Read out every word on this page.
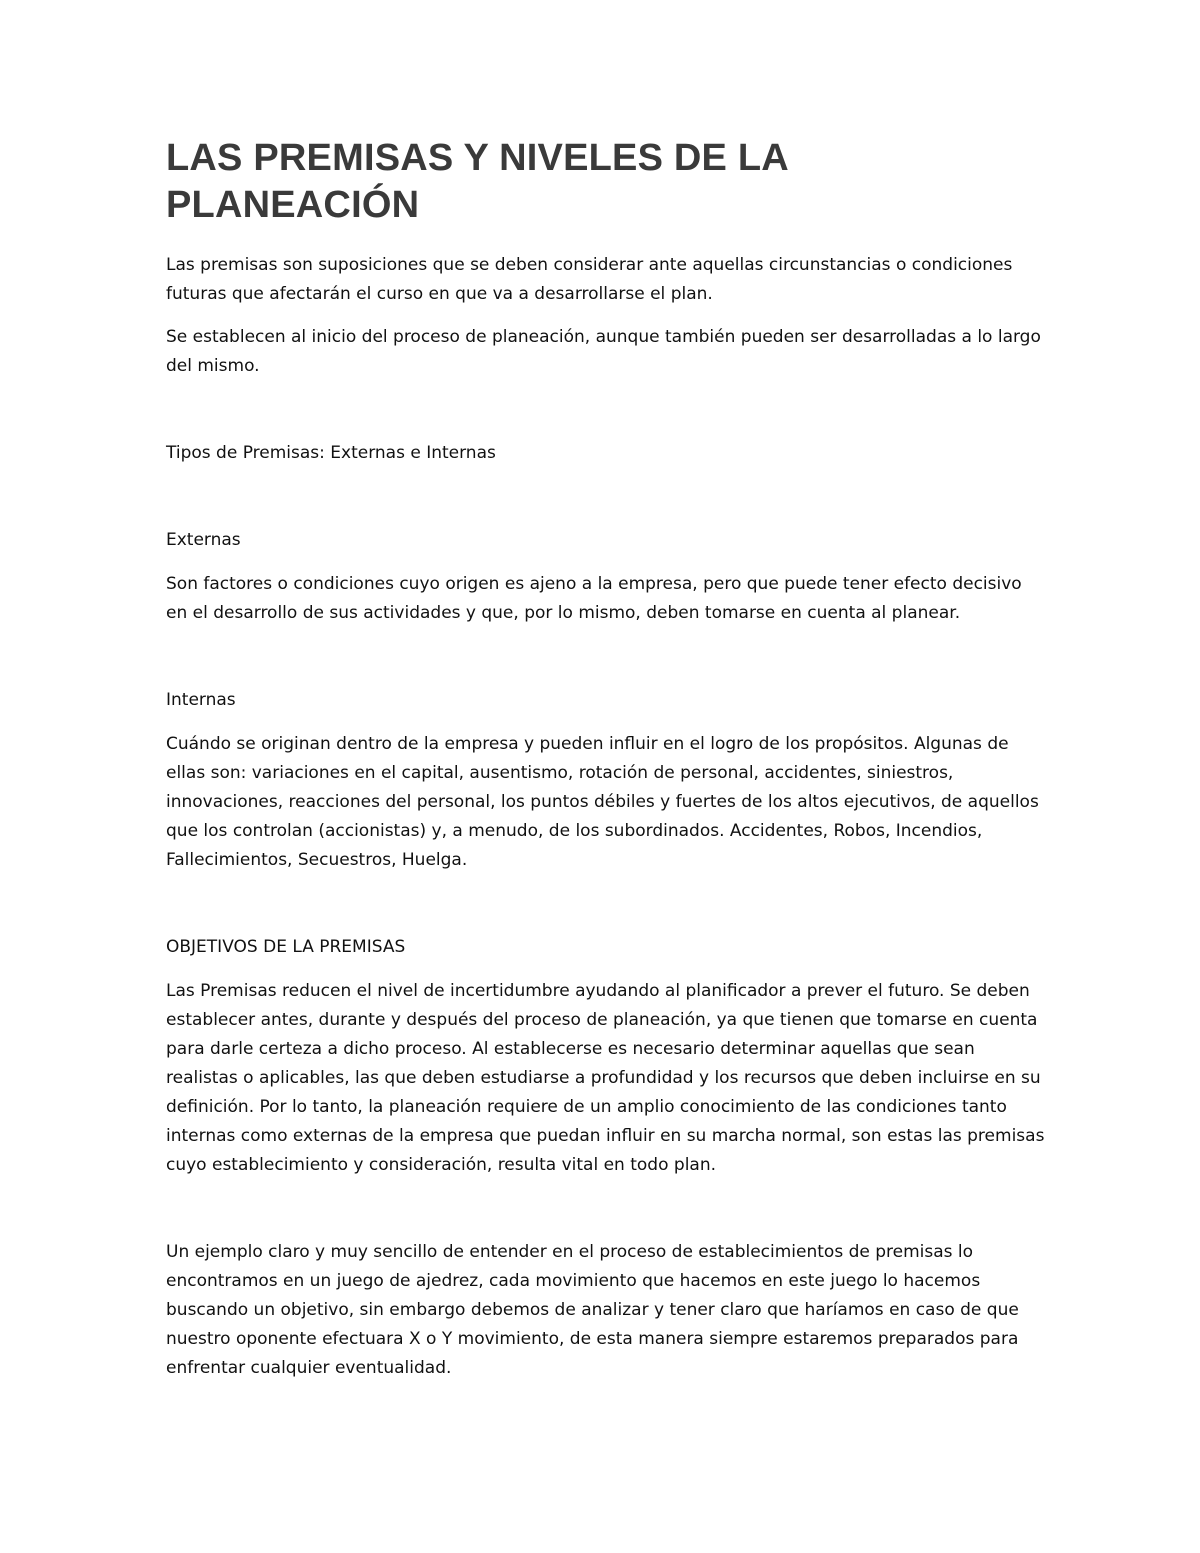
LAS PREMISAS Y NIVELES DE LA PLANEACIÓN

Las premisas son suposiciones que se deben considerar ante aquellas circunstancias o condiciones futuras que afectarán el curso en que va a desarrollarse el plan.

Se establecen al inicio del proceso de planeación, aunque también pueden ser desarrolladas a lo largo del mismo.

Tipos de Premisas: Externas e Internas

Externas

Son factores o condiciones cuyo origen es ajeno a la empresa, pero que puede tener efecto decisivo en el desarrollo de sus actividades y que, por lo mismo, deben tomarse en cuenta al planear.

Internas

Cuándo se originan dentro de la empresa y pueden influir en el logro de los propósitos. Algunas de ellas son: variaciones en el capital, ausentismo, rotación de personal, accidentes, siniestros, innovaciones, reacciones del personal, los puntos débiles y fuertes de los altos ejecutivos, de aquellos que los controlan (accionistas) y, a menudo, de los subordinados. Accidentes, Robos, Incendios, Fallecimientos, Secuestros, Huelga.

OBJETIVOS DE LA PREMISAS

Las Premisas reducen el nivel de incertidumbre ayudando al planificador a prever el futuro. Se deben establecer antes, durante y después del proceso de planeación, ya que tienen que tomarse en cuenta para darle certeza a dicho proceso. Al establecerse es necesario determinar aquellas que sean realistas o aplicables, las que deben estudiarse a profundidad y los recursos que deben incluirse en su definición. Por lo tanto, la planeación requiere de un amplio conocimiento de las condiciones tanto internas como externas de la empresa que puedan influir en su marcha normal, son estas las premisas cuyo establecimiento y consideración, resulta vital en todo plan.

Un ejemplo claro y muy sencillo de entender en el proceso de establecimientos de premisas lo encontramos en un juego de ajedrez, cada movimiento que hacemos en este juego lo hacemos buscando un objetivo, sin embargo debemos de analizar y tener claro que haríamos en caso de que nuestro oponente efectuara X o Y movimiento, de esta manera siempre estaremos preparados para enfrentar cualquier eventualidad.
